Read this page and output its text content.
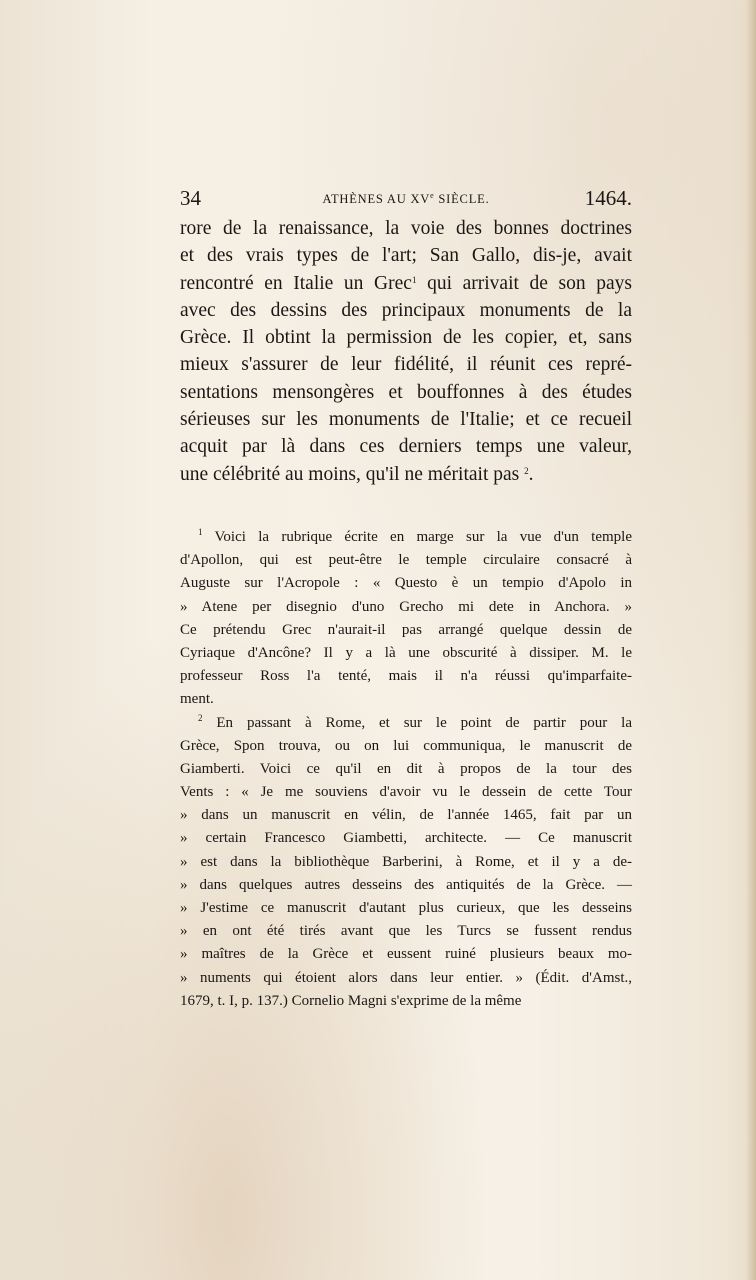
34	ATHÈNES AU XVe SIÈCLE.	1464.
rore de la renaissance, la voie des bonnes doctrines
et des vrais types de l'art; San Gallo, dis-je, avait
rencontré en Italie un Grec$^1$ qui arrivait de son pays
avec des dessins des principaux monuments de la
Grèce. Il obtint la permission de les copier, et, sans
mieux s'assurer de leur fidélité, il réunit ces repré-
sentations mensongères et bouffonnes à des études
sérieuses sur les monuments de l'Italie; et ce recueil
acquit par là dans ces derniers temps une valeur,
une célébrité au moins, qu'il ne méritait pas $^2$.
$^1$ Voici la rubrique écrite en marge sur la vue d'un temple
d'Apollon, qui est peut-être le temple circulaire consacré à
Auguste sur l'Acropole : « Questo è un tempio d'Apolo in
» Atene per disegnio d'uno Grecho mi dete in Anchora. »
Ce prétendu Grec n'aurait-il pas arrangé quelque dessin de
Cyriaque d'Ancône? Il y a là une obscurité à dissiper. M. le
professeur Ross l'a tenté, mais il n'a réussi qu'imparfaite-
ment.
$^2$ En passant à Rome, et sur le point de partir pour la
Grèce, Spon trouva, ou on lui communiqua, le manuscrit de
Giamberti. Voici ce qu'il en dit à propos de la tour des
Vents : « Je me souviens d'avoir vu le dessein de cette Tour
» dans un manuscrit en vélin, de l'année 1465, fait par un
» certain Francesco Giambetti, architecte. — Ce manuscrit
» est dans la bibliothèque Barberini, à Rome, et il y a de-
» dans quelques autres desseins des antiquités de la Grèce. —
» J'estime ce manuscrit d'autant plus curieux, que les desseins
» en ont été tirés avant que les Turcs se fussent rendus
» maîtres de la Grèce et eussent ruiné plusieurs beaux mo-
» numents qui étoient alors dans leur entier. » (Édit. d'Amst.,
1679, t. I, p. 137.) Cornelio Magni s'exprime de la même
